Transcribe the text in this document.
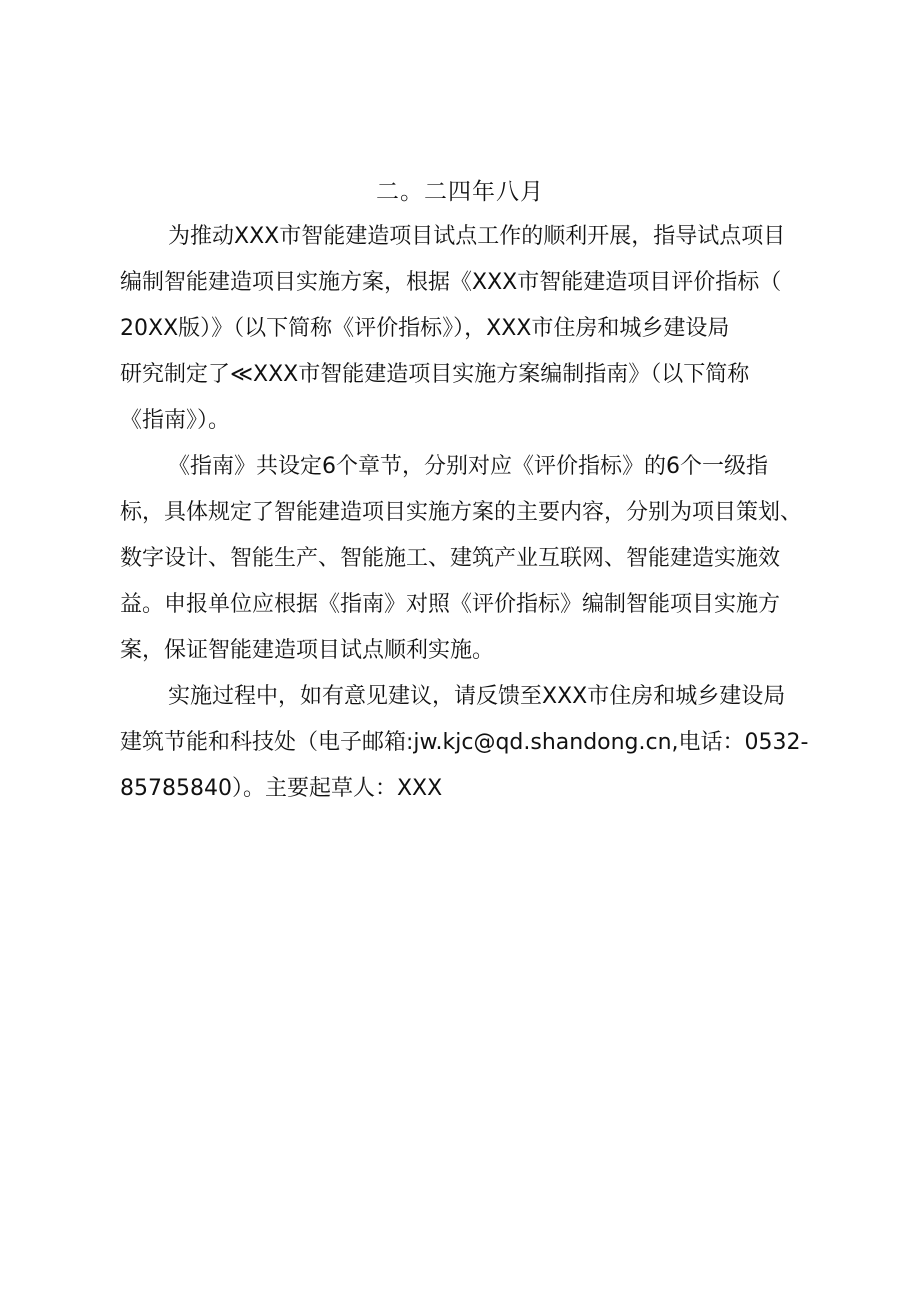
二。二四年八月
为推动XXX市智能建造项目试点工作的顺利开展，指导试点项目
编制智能建造项目实施方案，根据《XXX市智能建造项目评价指标（
20XX版）》（以下简称《评价指标》），XXX市住房和城乡建设局
研究制定了≪XXX市智能建造项目实施方案编制指南》（以下简称
《指南》）。
《指南》共设定6个章节，分别对应《评价指标》的6个一级指
标，具体规定了智能建造项目实施方案的主要内容，分别为项目策划、
数字设计、智能生产、智能施工、建筑产业互联网、智能建造实施效
益。申报单位应根据《指南》对照《评价指标》编制智能项目实施方
案，保证智能建造项目试点顺利实施。
实施过程中，如有意见建议，请反馈至XXX市住房和城乡建设局
建筑节能和科技处（电子邮箱:jw.kjc@qd.shandong.cn,电话：0532-
85785840）。主要起草人：XXX
